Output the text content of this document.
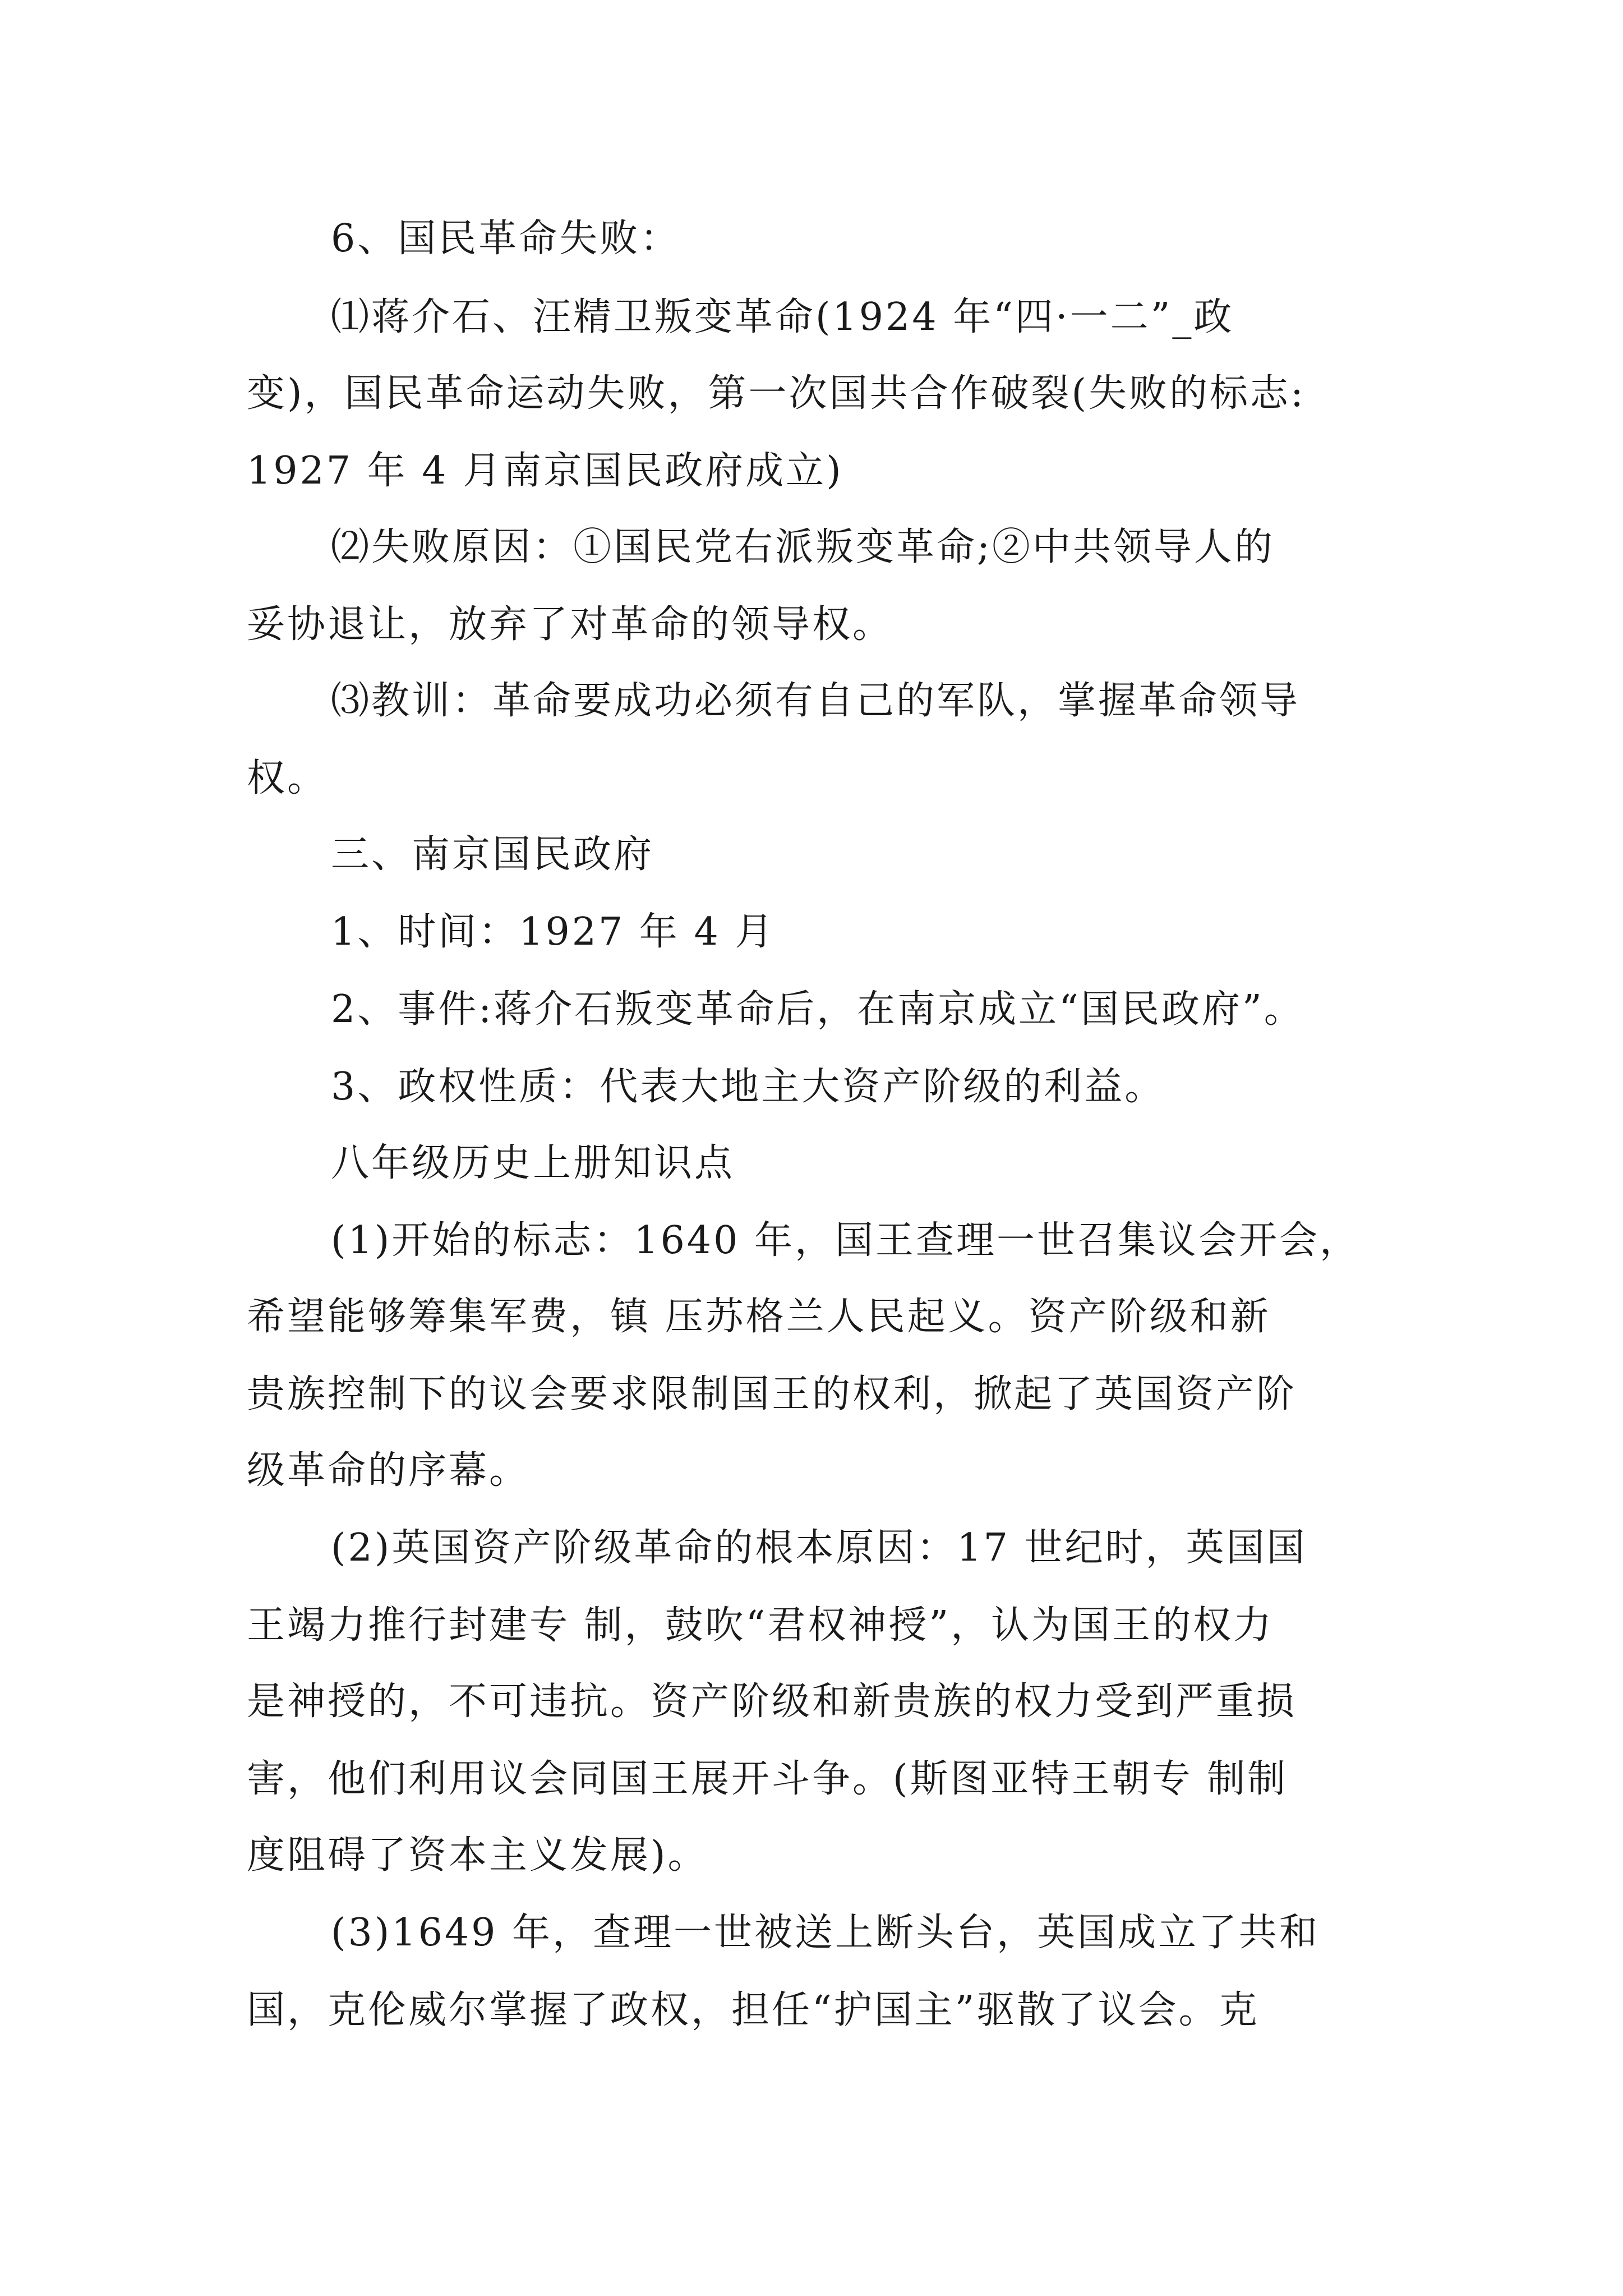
6、国民革命失败：
⑴蒋介石、汪精卫叛变革命(1924 年“四·一二”_政
变)，国民革命运动失败，第一次国共合作破裂(失败的标志:
1927 年 4 月南京国民政府成立)
⑵失败原因：①国民党右派叛变革命;②中共领导人的
妥协退让，放弃了对革命的领导权。
⑶教训：革命要成功必须有自己的军队，掌握革命领导
权。
三、南京国民政府
1、时间：1927 年 4 月
2、事件:蒋介石叛变革命后，在南京成立“国民政府”。
3、政权性质：代表大地主大资产阶级的利益。
八年级历史上册知识点
(1)开始的标志：1640 年，国王查理一世召集议会开会，
希望能够筹集军费，镇 压苏格兰人民起义。资产阶级和新
贵族控制下的议会要求限制国王的权利，掀起了英国资产阶
级革命的序幕。
(2)英国资产阶级革命的根本原因：17 世纪时，英国国
王竭力推行封建专 制，鼓吹“君权神授”，认为国王的权力
是神授的，不可违抗。资产阶级和新贵族的权力受到严重损
害，他们利用议会同国王展开斗争。(斯图亚特王朝专 制制
度阻碍了资本主义发展)。
(3)1649 年，查理一世被送上断头台，英国成立了共和
国，克伦威尔掌握了政权，担任“护国主”驱散了议会。克
